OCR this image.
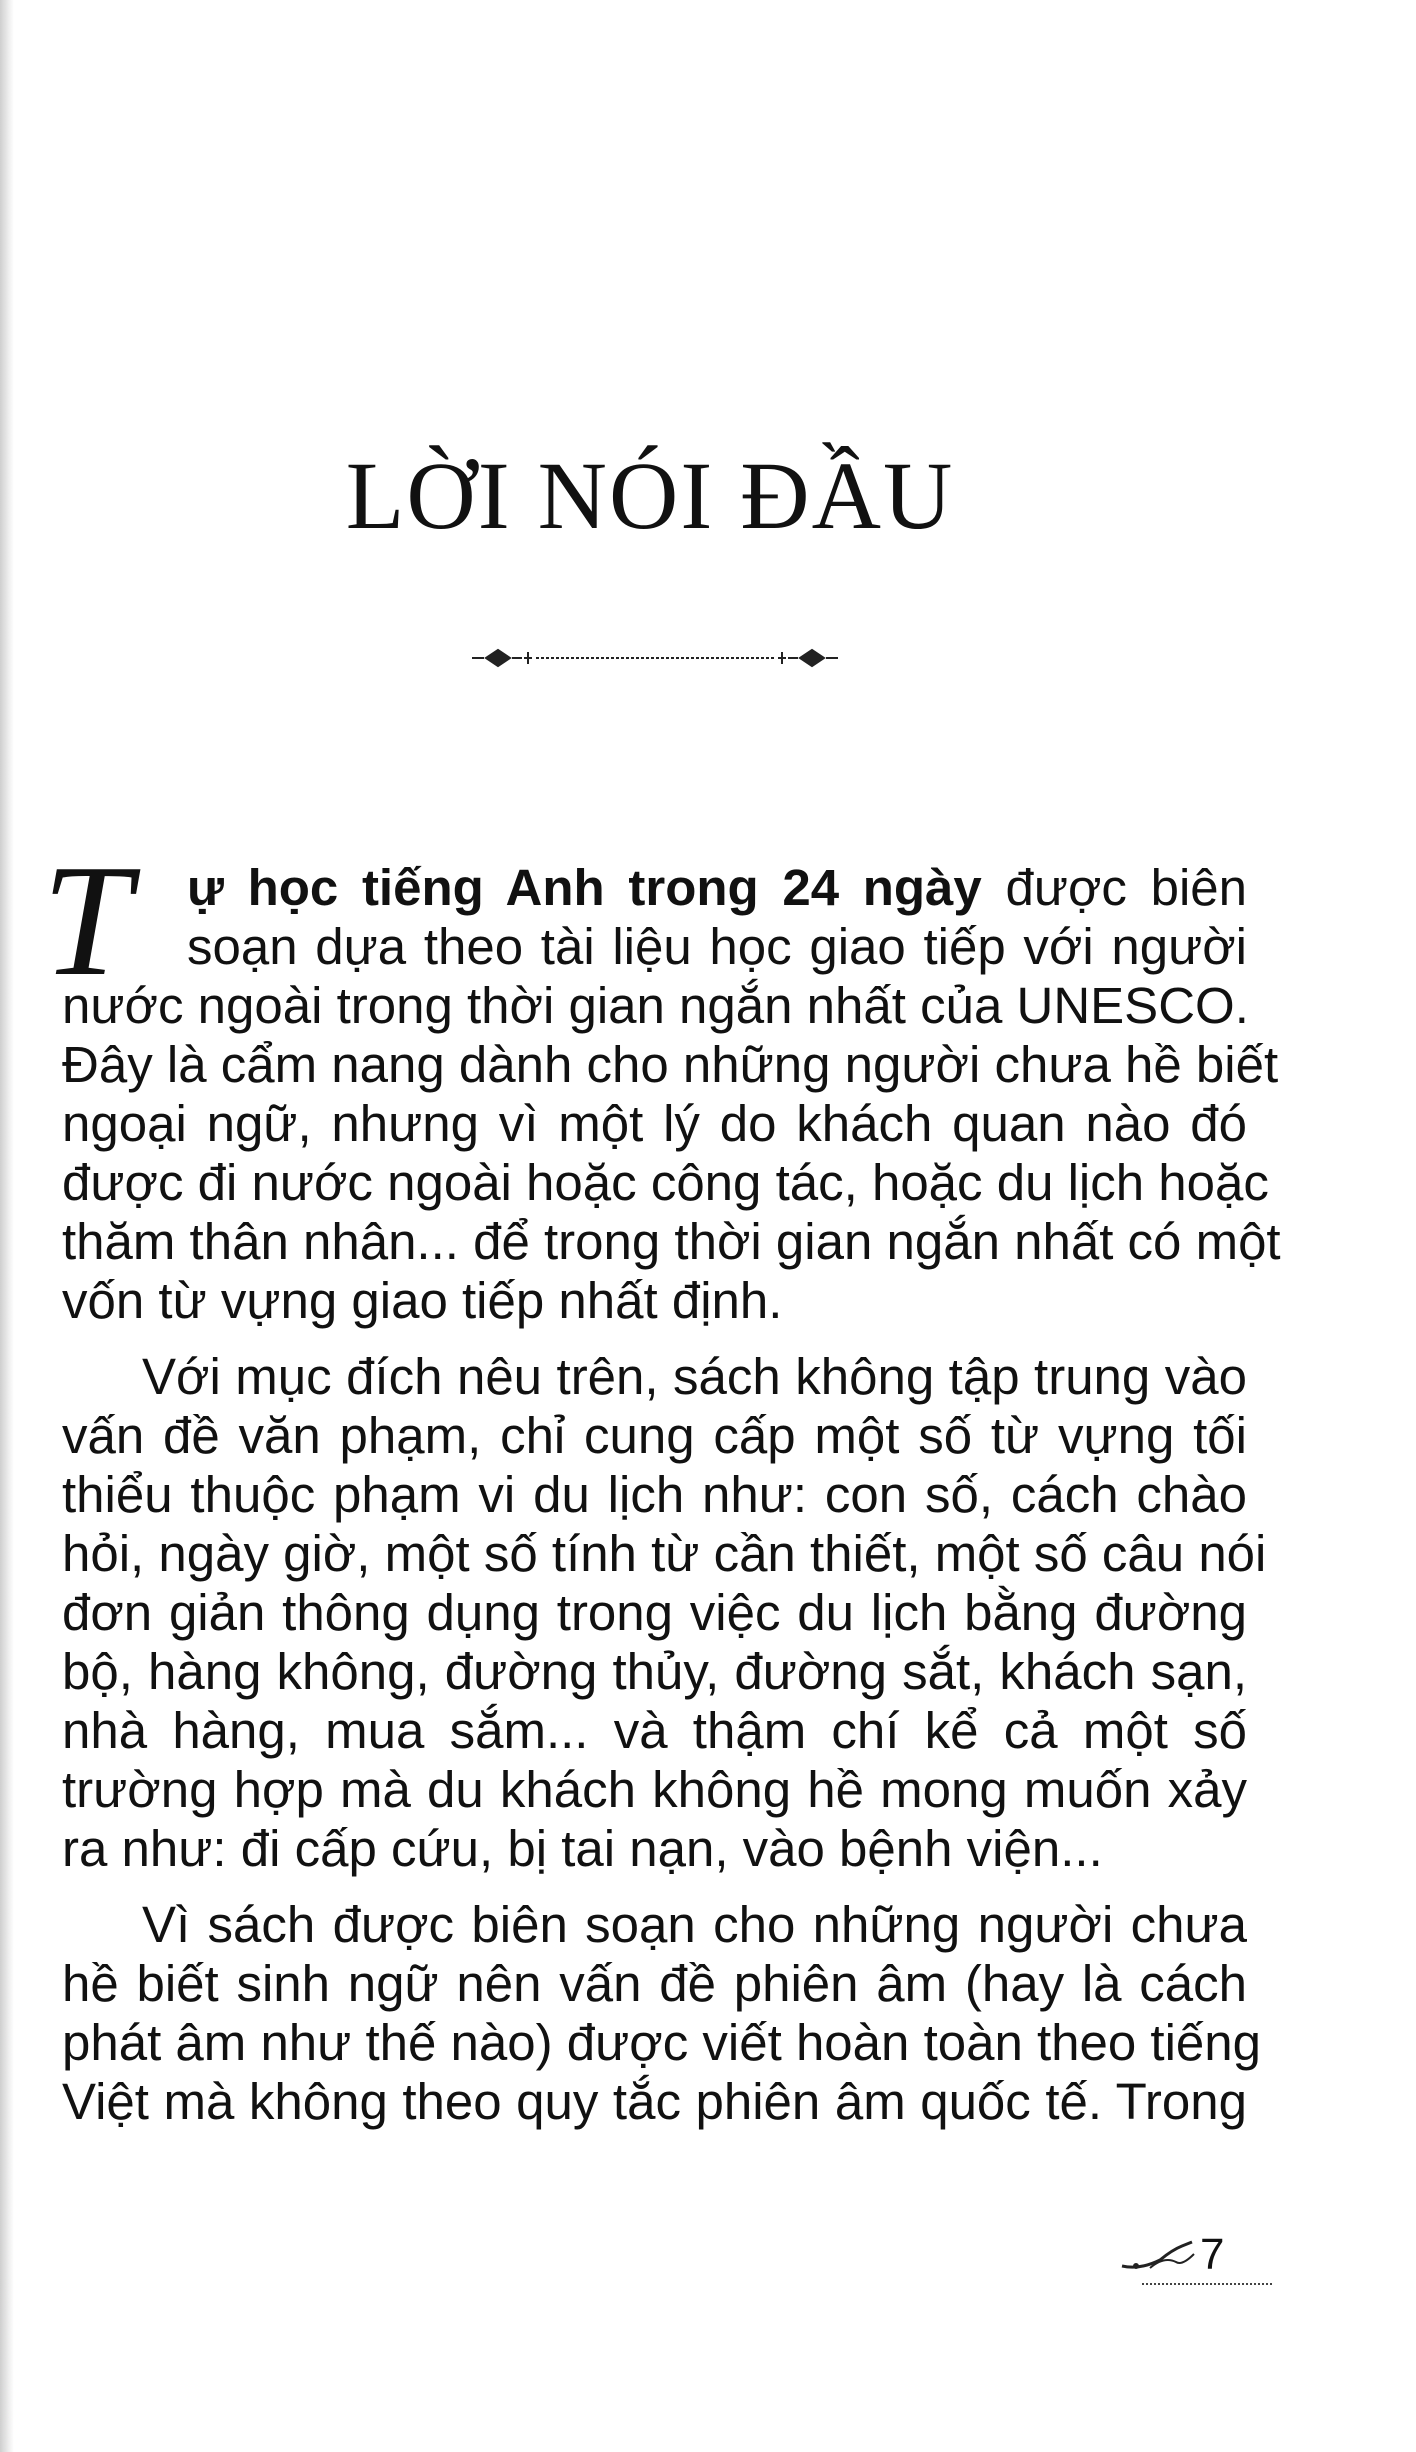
LỜI NÓI ĐẦU
T	ự học tiếng Anh trong 24 ngày được biên
soạn dựa theo tài liệu học giao tiếp với người
nước ngoài trong thời gian ngắn nhất của UNESCO.
Đây là cẩm nang dành cho những người chưa hề biết
ngoại ngữ, nhưng vì một lý do khách quan nào đó
được đi nước ngoài hoặc công tác, hoặc du lịch hoặc
thăm thân nhân... để trong thời gian ngắn nhất có một
vốn từ vựng giao tiếp nhất định.
Với mục đích nêu trên, sách không tập trung vào
vấn đề văn phạm, chỉ cung cấp một số từ vựng tối
thiểu thuộc phạm vi du lịch như: con số, cách chào
hỏi, ngày giờ, một số tính từ cần thiết, một số câu nói
đơn giản thông dụng trong việc du lịch bằng đường
bộ, hàng không, đường thủy, đường sắt, khách sạn,
nhà hàng, mua sắm... và thậm chí kể cả một số
trường hợp mà du khách không hề mong muốn xảy
ra như: đi cấp cứu, bị tai nạn, vào bệnh viện...
Vì sách được biên soạn cho những người chưa
hề biết sinh ngữ nên vấn đề phiên âm (hay là cách
phát âm như thế nào) được viết hoàn toàn theo tiếng
Việt mà không theo quy tắc phiên âm quốc tế. Trong
7
